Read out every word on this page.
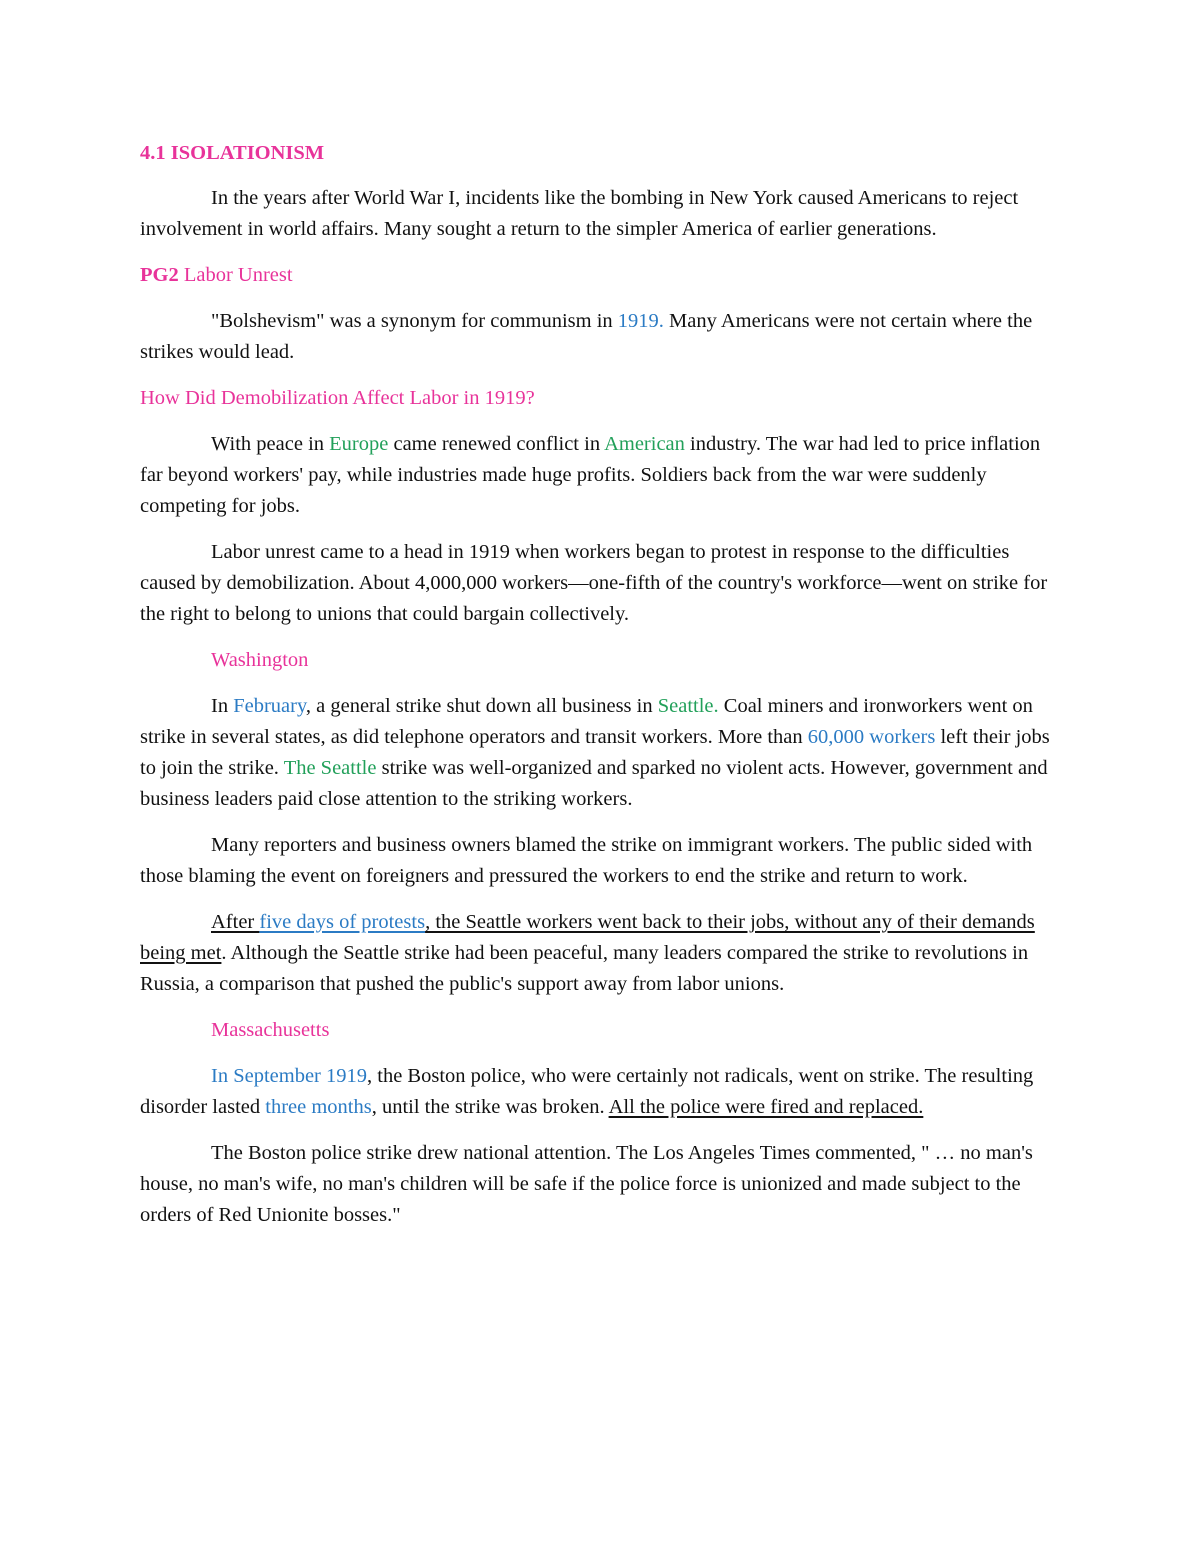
4.1 ISOLATIONISM

In the years after World War I, incidents like the bombing in New York caused Americans to reject involvement in world affairs. Many sought a return to the simpler America of earlier generations.

PG2 Labor Unrest

"Bolshevism" was a synonym for communism in 1919. Many Americans were not certain where the strikes would lead.

How Did Demobilization Affect Labor in 1919?

With peace in Europe came renewed conflict in American industry. The war had led to price inflation far beyond workers' pay, while industries made huge profits. Soldiers back from the war were suddenly competing for jobs.

Labor unrest came to a head in 1919 when workers began to protest in response to the difficulties caused by demobilization. About 4,000,000 workers—one-fifth of the country's workforce—went on strike for the right to belong to unions that could bargain collectively.

Washington

In February, a general strike shut down all business in Seattle. Coal miners and ironworkers went on strike in several states, as did telephone operators and transit workers. More than 60,000 workers left their jobs to join the strike. The Seattle strike was well-organized and sparked no violent acts. However, government and business leaders paid close attention to the striking workers.

Many reporters and business owners blamed the strike on immigrant workers. The public sided with those blaming the event on foreigners and pressured the workers to end the strike and return to work.

After five days of protests, the Seattle workers went back to their jobs, without any of their demands being met. Although the Seattle strike had been peaceful, many leaders compared the strike to revolutions in Russia, a comparison that pushed the public's support away from labor unions.

Massachusetts

In September 1919, the Boston police, who were certainly not radicals, went on strike. The resulting disorder lasted three months, until the strike was broken. All the police were fired and replaced.

The Boston police strike drew national attention. The Los Angeles Times commented, " … no man's house, no man's wife, no man's children will be safe if the police force is unionized and made subject to the orders of Red Unionite bosses."
